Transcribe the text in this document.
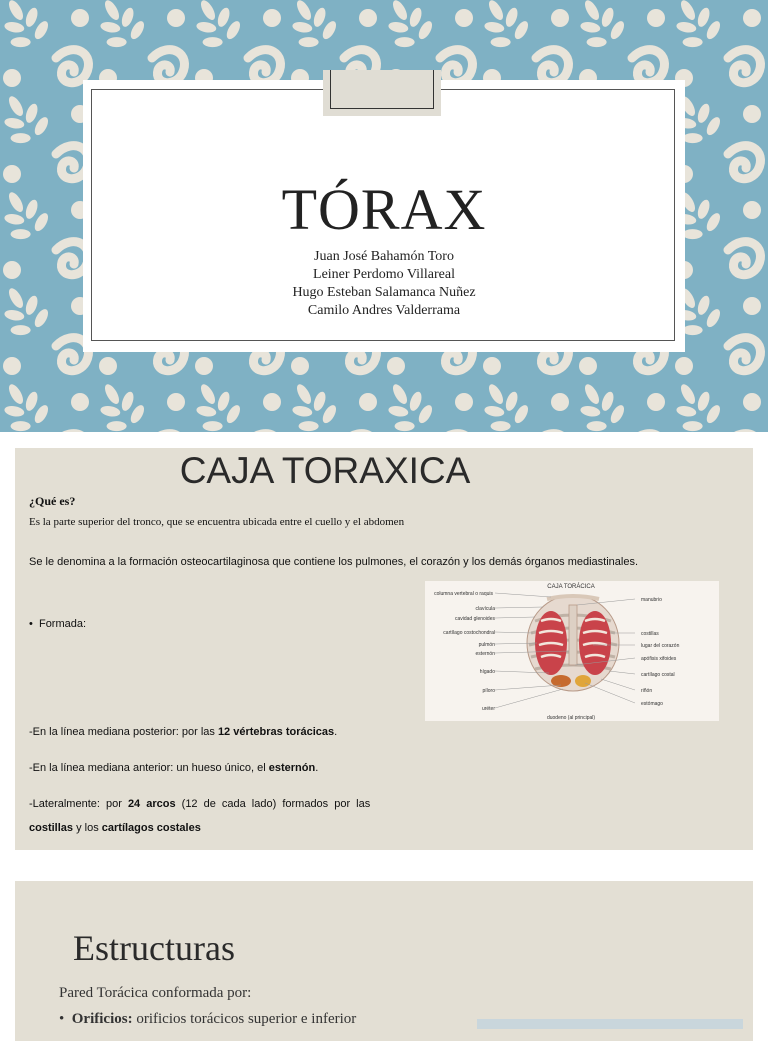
TÓRAX
Juan José Bahamón Toro
Leiner Perdomo Villareal
Hugo Esteban Salamanca Nuñez
Camilo Andres Valderrama
CAJA TORAXICA
¿Qué es?
Es la parte superior del tronco, que se encuentra ubicada entre el cuello y el abdomen
Se le denomina a la formación osteocartilaginosa que contiene los pulmones, el corazón y los demás órganos mediastinales.
•  Formada:
CAJA TORÁCICA
columna vertebral o raquis
clavícula
cavidad glenoides
cartílago costochondral
pulmón
esternón
hígado
píloro
uréter
manubrio
costillas
lugar del corazón
apófisis xifoides
cartílago costal
riñón
estómago
duodeno (al principal)
-En la línea mediana posterior: por las 12 vértebras torácicas.
-En la línea mediana anterior: un hueso único, el esternón.
-Lateralmente: por 24 arcos (12 de cada lado) formados por las
costillas y los cartílagos costales
Estructuras
Pared Torácica conformada por:
•  Orificios: orificios torácicos superior e inferior
